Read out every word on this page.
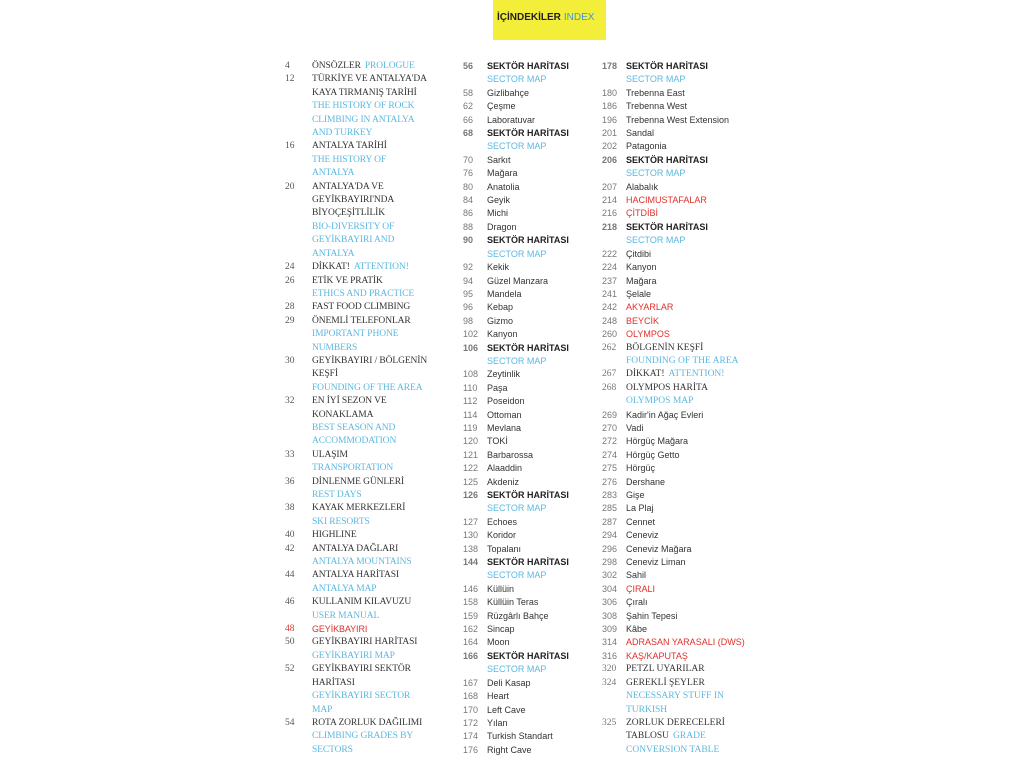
İÇİNDEKİLER INDEX
4	ÖNSÖZLER PROLOGUE
12	TÜRKİYE VE ANTALYA'DA
KAYA TIRMANIŞ TARİHİ
THE HISTORY OF ROCK
CLIMBING IN ANTALYA
AND TURKEY
16	ANTALYA TARİHİ
THE HISTORY OF
ANTALYA
20	ANTALYA'DA VE
GEYİKBAYIRI'NDA
BİYOÇEŞİTLİLİK
BIO-DIVERSITY OF
GEYİKBAYIRI AND
ANTALYA
24	DİKKAT! ATTENTION!
26	ETİK VE PRATİK
ETHICS AND PRACTICE
28	FAST FOOD CLIMBING
29	ÖNEMLİ TELEFONLAR
IMPORTANT PHONE
NUMBERS
30	GEYİKBAYIRI / BÖLGENİN
KEŞFİ
FOUNDING OF THE AREA
32	EN İYİ SEZON VE
KONAKLAMA
BEST SEASON AND
ACCOMMODATION
33	ULAŞIM
TRANSPORTATION
36	DİNLENME GÜNLERİ
REST DAYS
38	KAYAK MERKEZLERİ
SKI RESORTS
40	HIGHLINE
42	ANTALYA DAĞLARI
ANTALYA MOUNTAINS
44	ANTALYA HARİTASI
ANTALYA MAP
46	KULLANIM KILAVUZU
USER MANUAL
48	GEYİKBAYIRI
50	GEYİKBAYIRI HARİTASI
GEYİKBAYIRI MAP
52	GEYİKBAYIRI SEKTÖR
HARİTASI
GEYİKBAYIRI SECTOR
MAP
54	ROTA ZORLUK DAĞILIMI
CLIMBING GRADES BY
SECTORS
56	SEKTÖR HARİTASI
SECTOR MAP
58	Gizlibahçe
62	Çeşme
66	Laboratuvar
68	SEKTÖR HARİTASI
SECTOR MAP
70	Sarkıt
76	Mağara
80	Anatolia
84	Geyik
86	Michi
88	Dragon
90	SEKTÖR HARİTASI
SECTOR MAP
92	Kekik
94	Güzel Manzara
95	Mandela
96	Kebap
98	Gizmo
102 Kanyon
106 SEKTÖR HARİTASI
SECTOR MAP
108 Zeytinlik
110	Paşa
112	Poseidon
114	Ottoman
119	Mevlana
120 TOKİ
121 Barbarossa
122 Alaaddin
125 Akdeniz
126 SEKTÖR HARİTASI
SECTOR MAP
127 Echoes
130 Koridor
138 Topalanı
144 SEKTÖR HARİTASI
SECTOR MAP
146 Küllüin
158 Küllüin Teras
159 Rüzgârlı Bahçe
162 Sincap
164 Moon
166 SEKTÖR HARİTASI
SECTOR MAP
167 Deli Kasap
168 Heart
170 Left Cave
172 Yılan
174 Turkish Standart
176 Right Cave
178 SEKTÖR HARİTASI
SECTOR MAP
180 Trebenna East
186 Trebenna West
196 Trebenna West Extension
201 Sandal
202 Patagonia
206 SEKTÖR HARİTASI
SECTOR MAP
207 Alabalık
214 HACIMUSTAFALAR
216 ÇİTDİBİ
218 SEKTÖR HARİTASI
SECTOR MAP
222 Çitdibi
224 Kanyon
237 Mağara
241 Şelale
242 AKYARLAR
248 BEYCİK
260 OLYMPOS
262	BÖLGENİN KEŞFİ
FOUNDING OF THE AREA
267	DİKKAT! ATTENTION!
268	OLYMPOS HARİTA
OLYMPOS MAP
269 Kadir'in Ağaç Evleri
270 Vadi
272 Hörgüç Mağara
274 Hörgüç Getto
275 Hörgüç
276 Dershane
283 Gişe
285 La Plaj
287 Cennet
294 Ceneviz
296 Ceneviz Mağara
298 Ceneviz Liman
302 Sahil
304 ÇIRALI
306 Çıralı
308 Şahin Tepesi
309 Kâbe
314 ADRASAN YARASALI (DWS)
316 KAŞ/KAPUTAŞ
320	PETZL UYARILAR
324	GEREKLİ ŞEYLER
NECESSARY STUFF IN
TURKISH
325	ZORLUK DERECELERİ
TABLOSU GRADE
CONVERSION TABLE
